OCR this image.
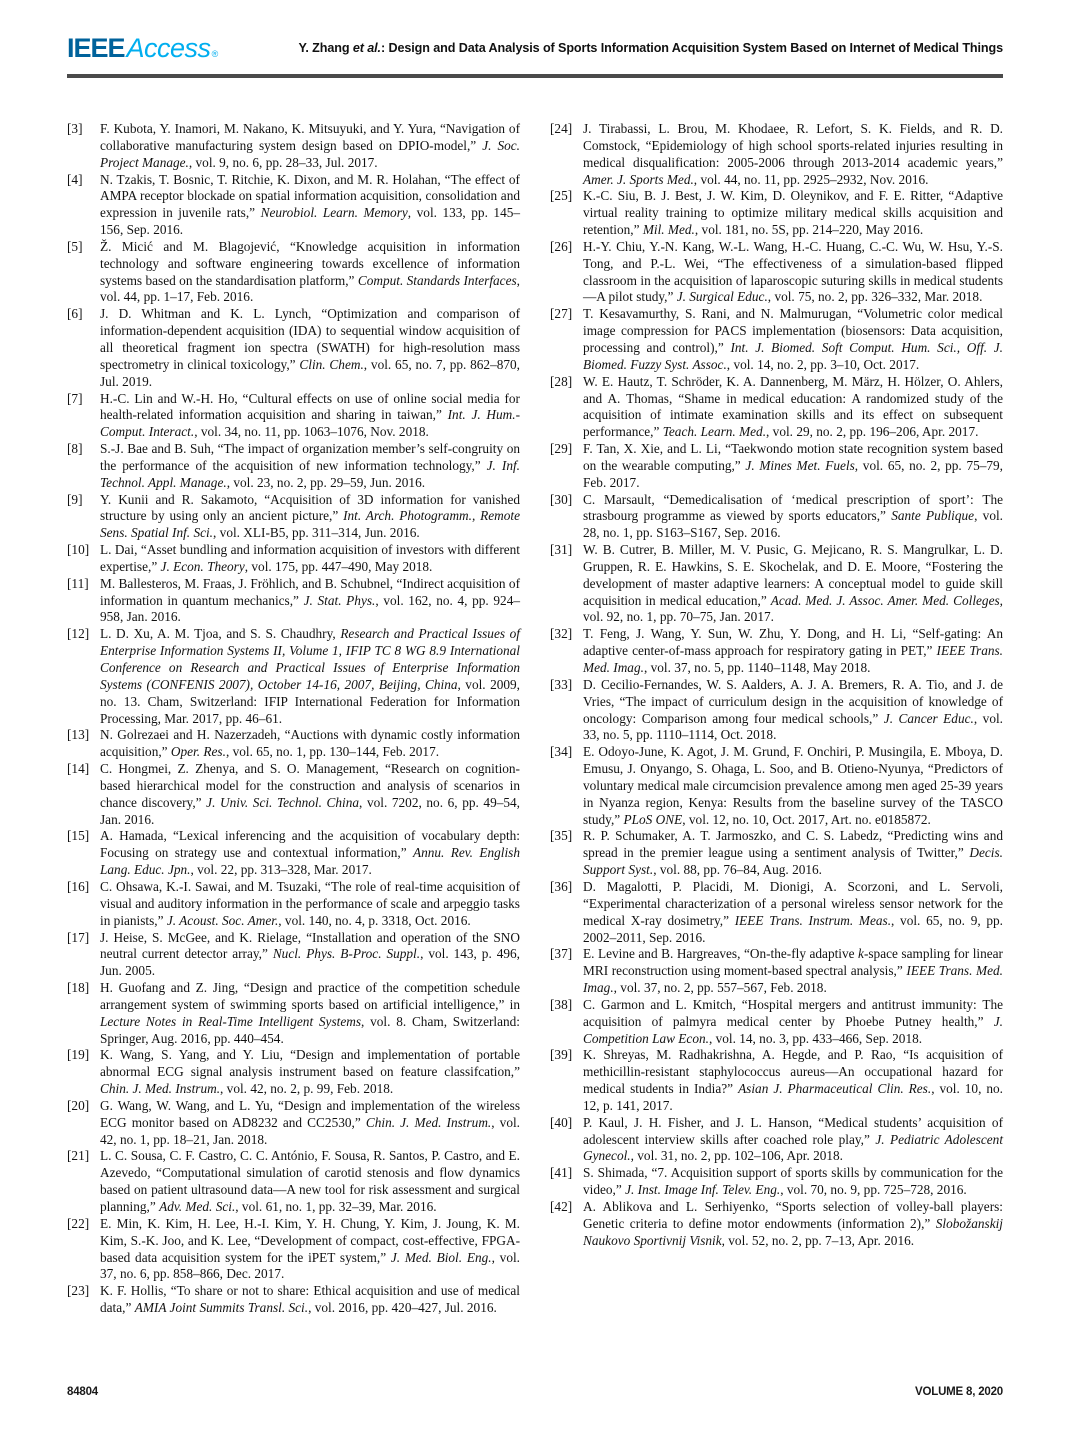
IEEE Access ®	Y. Zhang et al.: Design and Data Analysis of Sports Information Acquisition System Based on Internet of Medical Things
[3]	F. Kubota, Y. Inamori, M. Nakano, K. Mitsuyuki, and Y. Yura, “Navigation of collaborative manufacturing system design based on DPIO-model,” J. Soc. Project Manage., vol. 9, no. 6, pp. 28–33, Jul. 2017.
[4]	N. Tzakis, T. Bosnic, T. Ritchie, K. Dixon, and M. R. Holahan, “The effect of AMPA receptor blockade on spatial information acquisition, consolidation and expression in juvenile rats,” Neurobiol. Learn. Memory, vol. 133, pp. 145–156, Sep. 2016.
[5]	Ž. Micić and M. Blagojević, “Knowledge acquisition in information technology and software engineering towards excellence of information systems based on the standardisation platform,” Comput. Standards Interfaces, vol. 44, pp. 1–17, Feb. 2016.
[6]	J. D. Whitman and K. L. Lynch, “Optimization and comparison of information-dependent acquisition (IDA) to sequential window acquisition of all theoretical fragment ion spectra (SWATH) for high-resolution mass spectrometry in clinical toxicology,” Clin. Chem., vol. 65, no. 7, pp. 862–870, Jul. 2019.
[7]	H.-C. Lin and W.-H. Ho, “Cultural effects on use of online social media for health-related information acquisition and sharing in taiwan,” Int. J. Hum.-Comput. Interact., vol. 34, no. 11, pp. 1063–1076, Nov. 2018.
[8]	S.-J. Bae and B. Suh, “The impact of organization member’s self-congruity on the performance of the acquisition of new information technology,” J. Inf. Technol. Appl. Manage., vol. 23, no. 2, pp. 29–59, Jun. 2016.
[9]	Y. Kunii and R. Sakamoto, “Acquisition of 3D information for vanished structure by using only an ancient picture,” Int. Arch. Photogramm., Remote Sens. Spatial Inf. Sci., vol. XLI-B5, pp. 311–314, Jun. 2016.
[10] L. Dai, “Asset bundling and information acquisition of investors with different expertise,” J. Econ. Theory, vol. 175, pp. 447–490, May 2018.
[11] M. Ballesteros, M. Fraas, J. Fröhlich, and B. Schubnel, “Indirect acquisition of information in quantum mechanics,” J. Stat. Phys., vol. 162, no. 4, pp. 924–958, Jan. 2016.
[12] L. D. Xu, A. M. Tjoa, and S. S. Chaudhry, Research and Practical Issues of Enterprise Information Systems II, Volume 1, IFIP TC 8 WG 8.9 International Conference on Research and Practical Issues of Enterprise Information Systems (CONFENIS 2007), October 14-16, 2007, Beijing, China, vol. 2009, no. 13. Cham, Switzerland: IFIP International Federation for Information Processing, Mar. 2017, pp. 46–61.
[13] N. Golrezaei and H. Nazerzadeh, “Auctions with dynamic costly information acquisition,” Oper. Res., vol. 65, no. 1, pp. 130–144, Feb. 2017.
[14] C. Hongmei, Z. Zhenya, and S. O. Management, “Research on cognition-based hierarchical model for the construction and analysis of scenarios in chance discovery,” J. Univ. Sci. Technol. China, vol. 7202, no. 6, pp. 49–54, Jan. 2016.
[15] A. Hamada, “Lexical inferencing and the acquisition of vocabulary depth: Focusing on strategy use and contextual information,” Annu. Rev. English Lang. Educ. Jpn., vol. 22, pp. 313–328, Mar. 2017.
[16] C. Ohsawa, K.-I. Sawai, and M. Tsuzaki, “The role of real-time acquisition of visual and auditory information in the performance of scale and arpeggio tasks in pianists,” J. Acoust. Soc. Amer., vol. 140, no. 4, p. 3318, Oct. 2016.
[17] J. Heise, S. McGee, and K. Rielage, “Installation and operation of the SNO neutral current detector array,” Nucl. Phys. B-Proc. Suppl., vol. 143, p. 496, Jun. 2005.
[18] H. Guofang and Z. Jing, “Design and practice of the competition schedule arrangement system of swimming sports based on artificial intelligence,” in Lecture Notes in Real-Time Intelligent Systems, vol. 8. Cham, Switzerland: Springer, Aug. 2016, pp. 440–454.
[19] K. Wang, S. Yang, and Y. Liu, “Design and implementation of portable abnormal ECG signal analysis instrument based on feature classifcation,” Chin. J. Med. Instrum., vol. 42, no. 2, p. 99, Feb. 2018.
[20] G. Wang, W. Wang, and L. Yu, “Design and implementation of the wireless ECG monitor based on AD8232 and CC2530,” Chin. J. Med. Instrum., vol. 42, no. 1, pp. 18–21, Jan. 2018.
[21] L. C. Sousa, C. F. Castro, C. C. António, F. Sousa, R. Santos, P. Castro, and E. Azevedo, “Computational simulation of carotid stenosis and flow dynamics based on patient ultrasound data—A new tool for risk assessment and surgical planning,” Adv. Med. Sci., vol. 61, no. 1, pp. 32–39, Mar. 2016.
[22] E. Min, K. Kim, H. Lee, H.-I. Kim, Y. H. Chung, Y. Kim, J. Joung, K. M. Kim, S.-K. Joo, and K. Lee, “Development of compact, cost-effective, FPGA-based data acquisition system for the iPET system,” J. Med. Biol. Eng., vol. 37, no. 6, pp. 858–866, Dec. 2017.
[23] K. F. Hollis, “To share or not to share: Ethical acquisition and use of medical data,” AMIA Joint Summits Transl. Sci., vol. 2016, pp. 420–427, Jul. 2016.
[24] J. Tirabassi, L. Brou, M. Khodaee, R. Lefort, S. K. Fields, and R. D. Comstock, “Epidemiology of high school sports-related injuries resulting in medical disqualification: 2005-2006 through 2013-2014 academic years,” Amer. J. Sports Med., vol. 44, no. 11, pp. 2925–2932, Nov. 2016.
[25] K.-C. Siu, B. J. Best, J. W. Kim, D. Oleynikov, and F. E. Ritter, “Adaptive virtual reality training to optimize military medical skills acquisition and retention,” Mil. Med., vol. 181, no. 5S, pp. 214–220, May 2016.
[26] H.-Y. Chiu, Y.-N. Kang, W.-L. Wang, H.-C. Huang, C.-C. Wu, W. Hsu, Y.-S. Tong, and P.-L. Wei, “The effectiveness of a simulation-based flipped classroom in the acquisition of laparoscopic suturing skills in medical students—A pilot study,” J. Surgical Educ., vol. 75, no. 2, pp. 326–332, Mar. 2018.
[27] T. Kesavamurthy, S. Rani, and N. Malmurugan, “Volumetric color medical image compression for PACS implementation (biosensors: Data acquisition, processing and control),” Int. J. Biomed. Soft Comput. Hum. Sci., Off. J. Biomed. Fuzzy Syst. Assoc., vol. 14, no. 2, pp. 3–10, Oct. 2017.
[28] W. E. Hautz, T. Schröder, K. A. Dannenberg, M. März, H. Hölzer, O. Ahlers, and A. Thomas, “Shame in medical education: A randomized study of the acquisition of intimate examination skills and its effect on subsequent performance,” Teach. Learn. Med., vol. 29, no. 2, pp. 196–206, Apr. 2017.
[29] F. Tan, X. Xie, and L. Li, “Taekwondo motion state recognition system based on the wearable computing,” J. Mines Met. Fuels, vol. 65, no. 2, pp. 75–79, Feb. 2017.
[30] C. Marsault, “Demedicalisation of ‘medical prescription of sport’: The strasbourg programme as viewed by sports educators,” Sante Publique, vol. 28, no. 1, pp. S163–S167, Sep. 2016.
[31] W. B. Cutrer, B. Miller, M. V. Pusic, G. Mejicano, R. S. Mangrulkar, L. D. Gruppen, R. E. Hawkins, S. E. Skochelak, and D. E. Moore, “Fostering the development of master adaptive learners: A conceptual model to guide skill acquisition in medical education,” Acad. Med. J. Assoc. Amer. Med. Colleges, vol. 92, no. 1, pp. 70–75, Jan. 2017.
[32] T. Feng, J. Wang, Y. Sun, W. Zhu, Y. Dong, and H. Li, “Self-gating: An adaptive center-of-mass approach for respiratory gating in PET,” IEEE Trans. Med. Imag., vol. 37, no. 5, pp. 1140–1148, May 2018.
[33] D. Cecilio-Fernandes, W. S. Aalders, A. J. A. Bremers, R. A. Tio, and J. de Vries, “The impact of curriculum design in the acquisition of knowledge of oncology: Comparison among four medical schools,” J. Cancer Educ., vol. 33, no. 5, pp. 1110–1114, Oct. 2018.
[34] E. Odoyo-June, K. Agot, J. M. Grund, F. Onchiri, P. Musingila, E. Mboya, D. Emusu, J. Onyango, S. Ohaga, L. Soo, and B. Otieno-Nyunya, “Predictors of voluntary medical male circumcision prevalence among men aged 25-39 years in Nyanza region, Kenya: Results from the baseline survey of the TASCO study,” PLoS ONE, vol. 12, no. 10, Oct. 2017, Art. no. e0185872.
[35] R. P. Schumaker, A. T. Jarmoszko, and C. S. Labedz, “Predicting wins and spread in the premier league using a sentiment analysis of Twitter,” Decis. Support Syst., vol. 88, pp. 76–84, Aug. 2016.
[36] D. Magalotti, P. Placidi, M. Dionigi, A. Scorzoni, and L. Servoli, “Experimental characterization of a personal wireless sensor network for the medical X-ray dosimetry,” IEEE Trans. Instrum. Meas., vol. 65, no. 9, pp. 2002–2011, Sep. 2016.
[37] E. Levine and B. Hargreaves, “On-the-fly adaptive k-space sampling for linear MRI reconstruction using moment-based spectral analysis,” IEEE Trans. Med. Imag., vol. 37, no. 2, pp. 557–567, Feb. 2018.
[38] C. Garmon and L. Kmitch, “Hospital mergers and antitrust immunity: The acquisition of palmyra medical center by Phoebe Putney health,” J. Competition Law Econ., vol. 14, no. 3, pp. 433–466, Sep. 2018.
[39] K. Shreyas, M. Radhakrishna, A. Hegde, and P. Rao, “Is acquisition of methicillin-resistant staphylococcus aureus—An occupational hazard for medical students in India?” Asian J. Pharmaceutical Clin. Res., vol. 10, no. 12, p. 141, 2017.
[40] P. Kaul, J. H. Fisher, and J. L. Hanson, “Medical students’ acquisition of adolescent interview skills after coached role play,” J. Pediatric Adolescent Gynecol., vol. 31, no. 2, pp. 102–106, Apr. 2018.
[41] S. Shimada, “7. Acquisition support of sports skills by communication for the video,” J. Inst. Image Inf. Telev. Eng., vol. 70, no. 9, pp. 725–728, 2016.
[42] A. Ablikova and L. Serhiyenko, “Sports selection of volley-ball players: Genetic criteria to define motor endowments (information 2),” Slobožanskij Naukovo Sportivnij Visnik, vol. 52, no. 2, pp. 7–13, Apr. 2016.
84804	VOLUME 8, 2020
